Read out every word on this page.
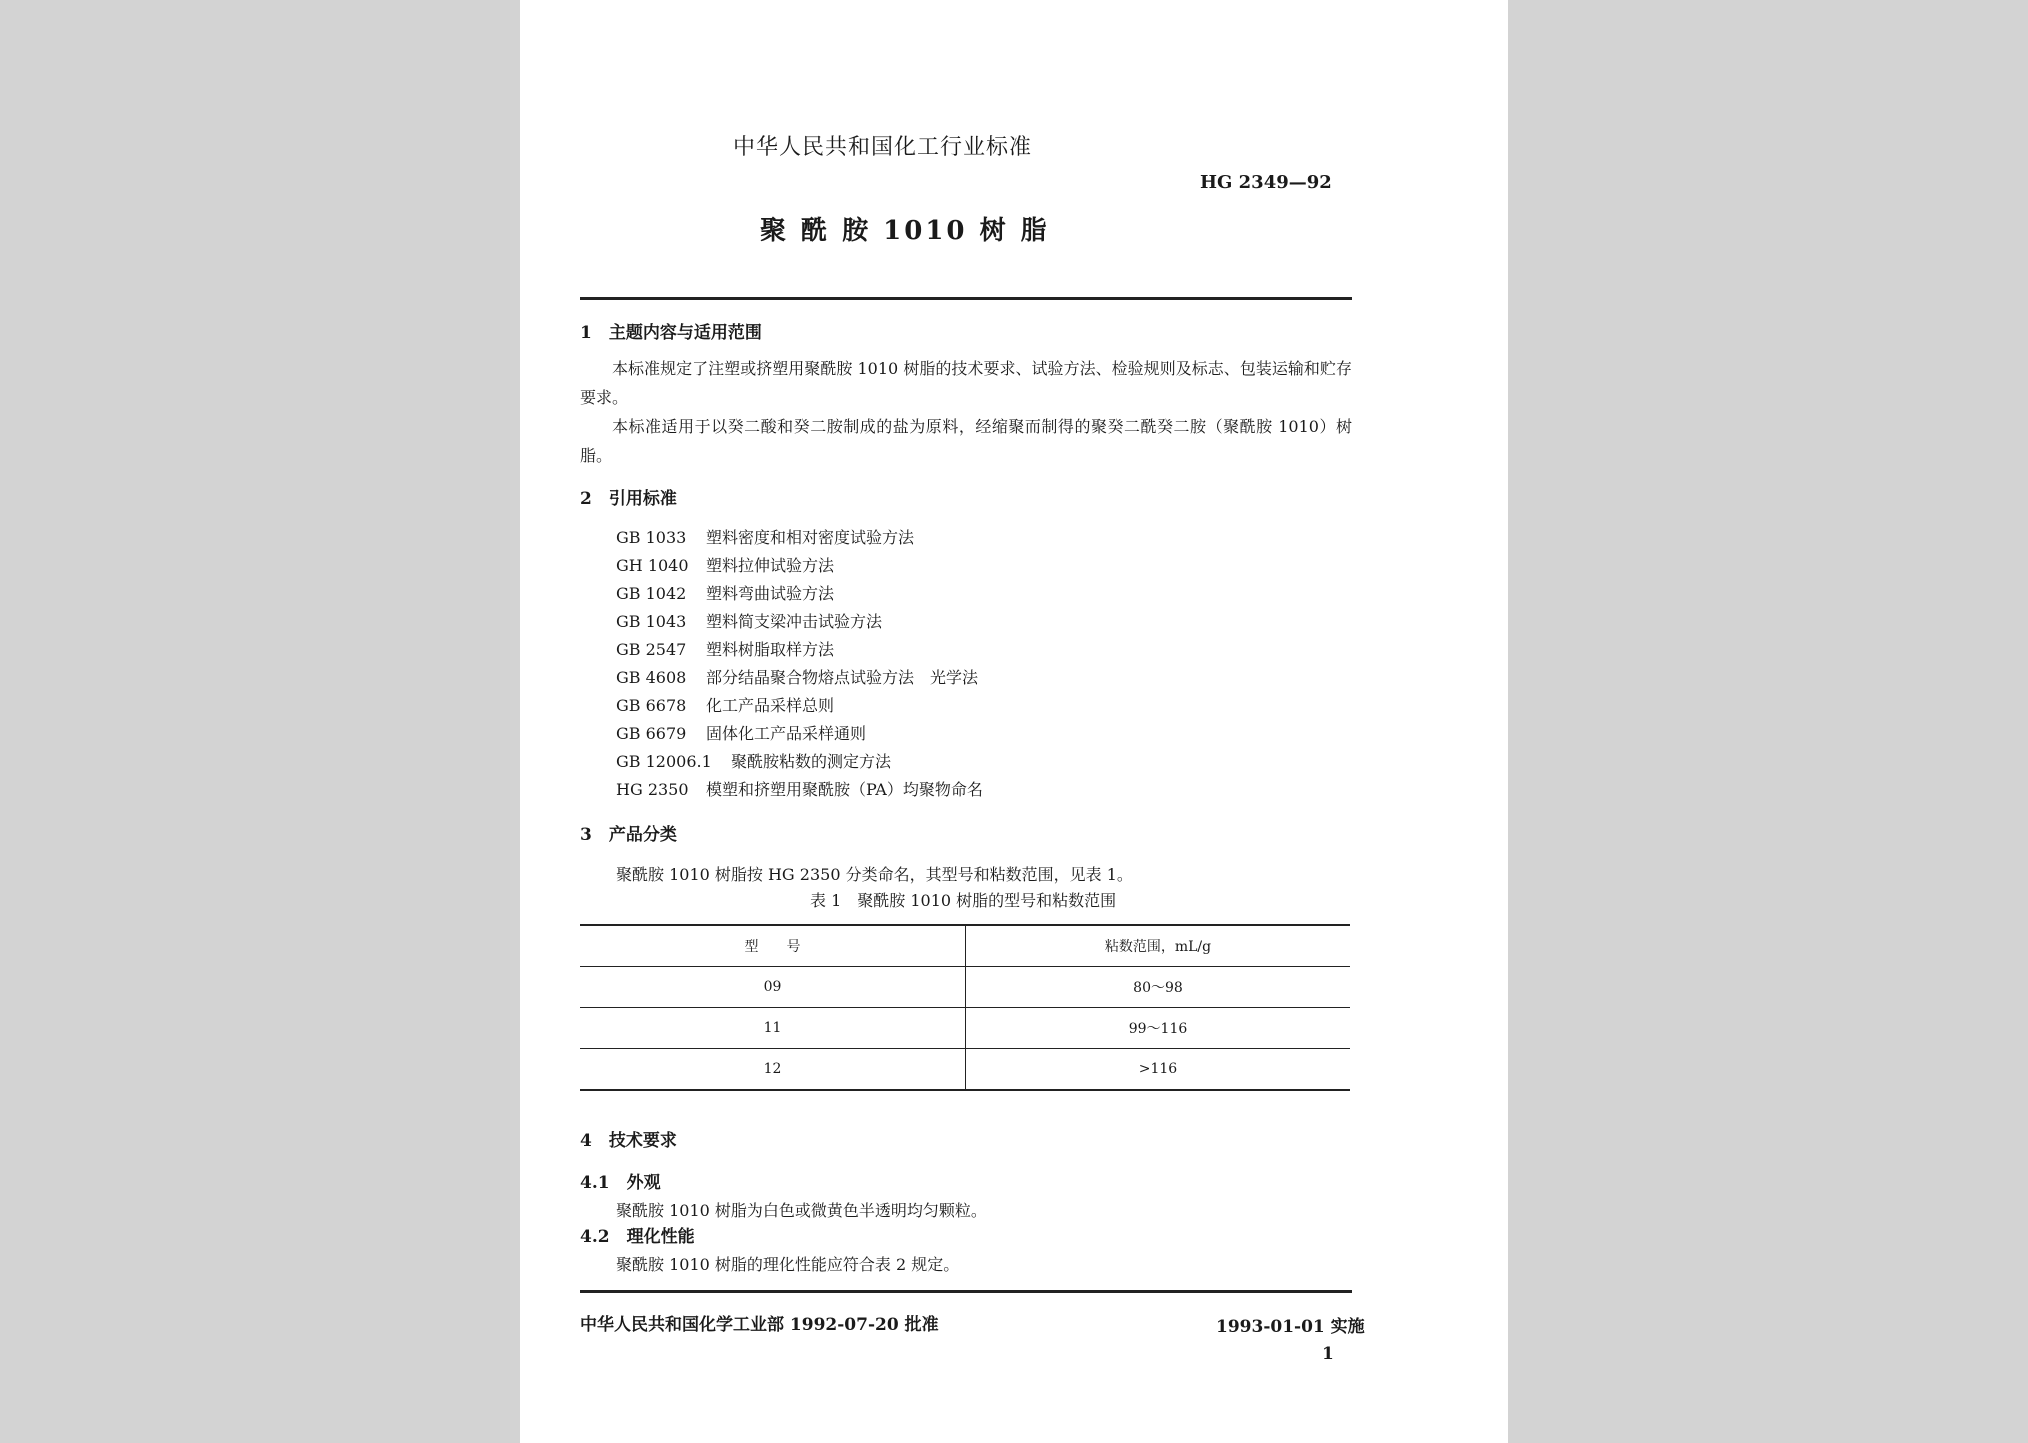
中华人民共和国化工行业标准
HG 2349—92
聚 酰 胺 1010 树 脂
1　主题内容与适用范围

本标准规定了注塑或挤塑用聚酰胺 1010 树脂的技术要求、试验方法、检验规则及标志、包装运输和贮存要求。

本标准适用于以癸二酸和癸二胺制成的盐为原料，经缩聚而制得的聚癸二酰癸二胺（聚酰胺 1010）树脂。

2　引用标准
GB 1033	塑料密度和相对密度试验方法
GH 1040	塑料拉伸试验方法
GB 1042	塑料弯曲试验方法
GB 1043	塑料简支梁冲击试验方法
GB 2547	塑料树脂取样方法
GB 4608	部分结晶聚合物熔点试验方法　光学法
GB 6678	化工产品采样总则
GB 6679	固体化工产品采样通则
GB 12006.1	聚酰胺粘数的测定方法
HG 2350	模塑和挤塑用聚酰胺（PA）均聚物命名
3　产品分类
聚酰胺 1010 树脂按 HG 2350 分类命名，其型号和粘数范围，见表 1。
表 1　聚酰胺 1010 树脂的型号和粘数范围
型　　号	粘数范围，mL/g
09	80～98
11	99～116
12	>116
4　技术要求
4.1　外观
聚酰胺 1010 树脂为白色或微黄色半透明均匀颗粒。
4.2　理化性能
聚酰胺 1010 树脂的理化性能应符合表 2 规定。
中华人民共和国化学工业部 1992-07-20 批准	1993-01-01 实施
1
